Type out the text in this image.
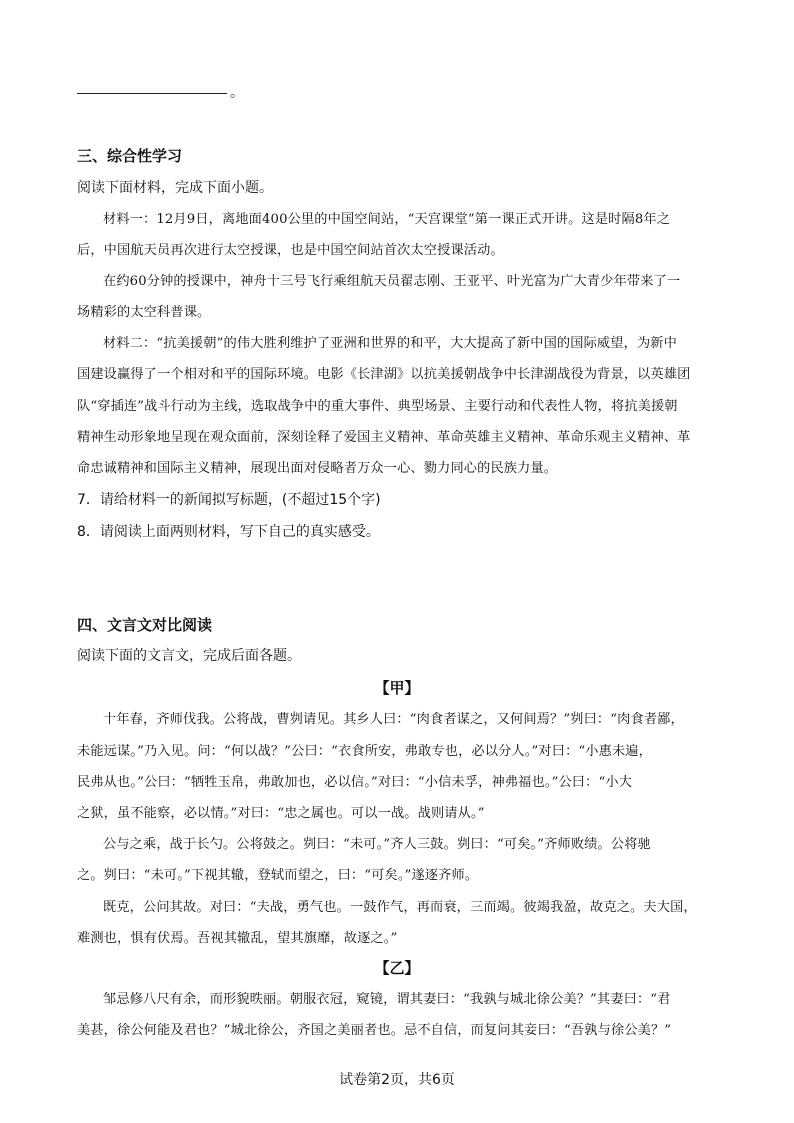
。
三、综合性学习
阅读下面材料，完成下面小题。
材料一：12月9日，离地面400公里的中国空间站，“天宫课堂”第一课正式开讲。这是时隔8年之
后，中国航天员再次进行太空授课，也是中国空间站首次太空授课活动。
在约60分钟的授课中，神舟十三号飞行乘组航天员翟志刚、王亚平、叶光富为广大青少年带来了一
场精彩的太空科普课。
材料二：“抗美援朝”的伟大胜利维护了亚洲和世界的和平，大大提高了新中国的国际威望，为新中
国建设赢得了一个相对和平的国际环境。电影《长津湖》以抗美援朝战争中长津湖战役为背景，以英雄团
队“穿插连”战斗行动为主线，选取战争中的重大事件、典型场景、主要行动和代表性人物，将抗美援朝
精神生动形象地呈现在观众面前，深刻诠释了爱国主义精神、革命英雄主义精神、革命乐观主义精神、革
命忠诚精神和国际主义精神，展现出面对侵略者万众一心、勠力同心的民族力量。
7．请给材料一的新闻拟写标题，(不超过15个字)
8．请阅读上面两则材料，写下自己的真实感受。
四、文言文对比阅读
阅读下面的文言文，完成后面各题。
【甲】
十年春，齐师伐我。公将战，曹刿请见。其乡人曰：“肉食者谋之，又何间焉？”刿曰：“肉食者鄙，
未能远谋。”乃入见。问：“何以战？”公曰：“衣食所安，弗敢专也，必以分人。”对曰：“小惠未遍，
民弗从也。”公曰：“牺牲玉帛，弗敢加也，必以信。”对曰：“小信未孚，神弗福也。”公曰：“小大
之狱，虽不能察，必以情。”对曰：“忠之属也。可以一战。战则请从。”
公与之乘，战于长勺。公将鼓之。刿曰：“未可。”齐人三鼓。刿曰：“可矣。”齐师败绩。公将驰
之。刿曰：“未可。”下视其辙，登轼而望之，曰：“可矣。”遂逐齐师。
既克，公问其故。对曰：“夫战，勇气也。一鼓作气，再而衰，三而竭。彼竭我盈，故克之。夫大国，
难测也，惧有伏焉。吾视其辙乱，望其旗靡，故逐之。”
【乙】
邹忌修八尺有余，而形貌昳丽。朝服衣冠，窥镜，谓其妻曰：“我孰与城北徐公美？”其妻曰：“君
美甚，徐公何能及君也？”城北徐公，齐国之美丽者也。忌不自信，而复问其妾曰：“吾孰与徐公美？”
试卷第2页，共6页
